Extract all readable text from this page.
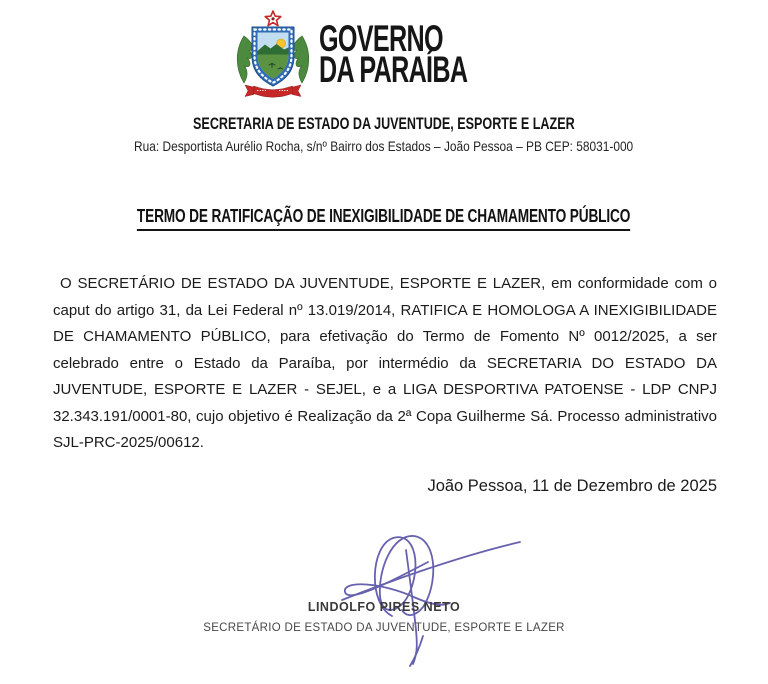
GOVERNO
DA PARAÍBA
SECRETARIA DE ESTADO DA JUVENTUDE, ESPORTE E LAZER
Rua: Desportista Aurélio Rocha, s/nº Bairro dos Estados – João Pessoa – PB CEP: 58031-000
TERMO DE RATIFICAÇÃO DE INEXIGIBILIDADE DE CHAMAMENTO PÚBLICO

O SECRETÁRIO DE ESTADO DA JUVENTUDE, ESPORTE E LAZER, em conformidade com o caput do artigo 31, da Lei Federal nº 13.019/2014, RATIFICA E HOMOLOGA A INEXIGIBILIDADE DE CHAMAMENTO PÚBLICO, para efetivação do Termo de Fomento Nº 0012/2025, a ser celebrado entre o Estado da Paraíba, por intermédio da SECRETARIA DO ESTADO DA JUVENTUDE, ESPORTE E LAZER - SEJEL, e a LIGA DESPORTIVA PATOENSE - LDP CNPJ 32.343.191/0001-80, cujo objetivo é Realização da 2ª Copa Guilherme Sá. Processo administrativo SJL-PRC-2025/00612.

João Pessoa, 11 de Dezembro de 2025
LINDOLFO PIRES NETO
SECRETÁRIO DE ESTADO DA JUVENTUDE, ESPORTE E LAZER
